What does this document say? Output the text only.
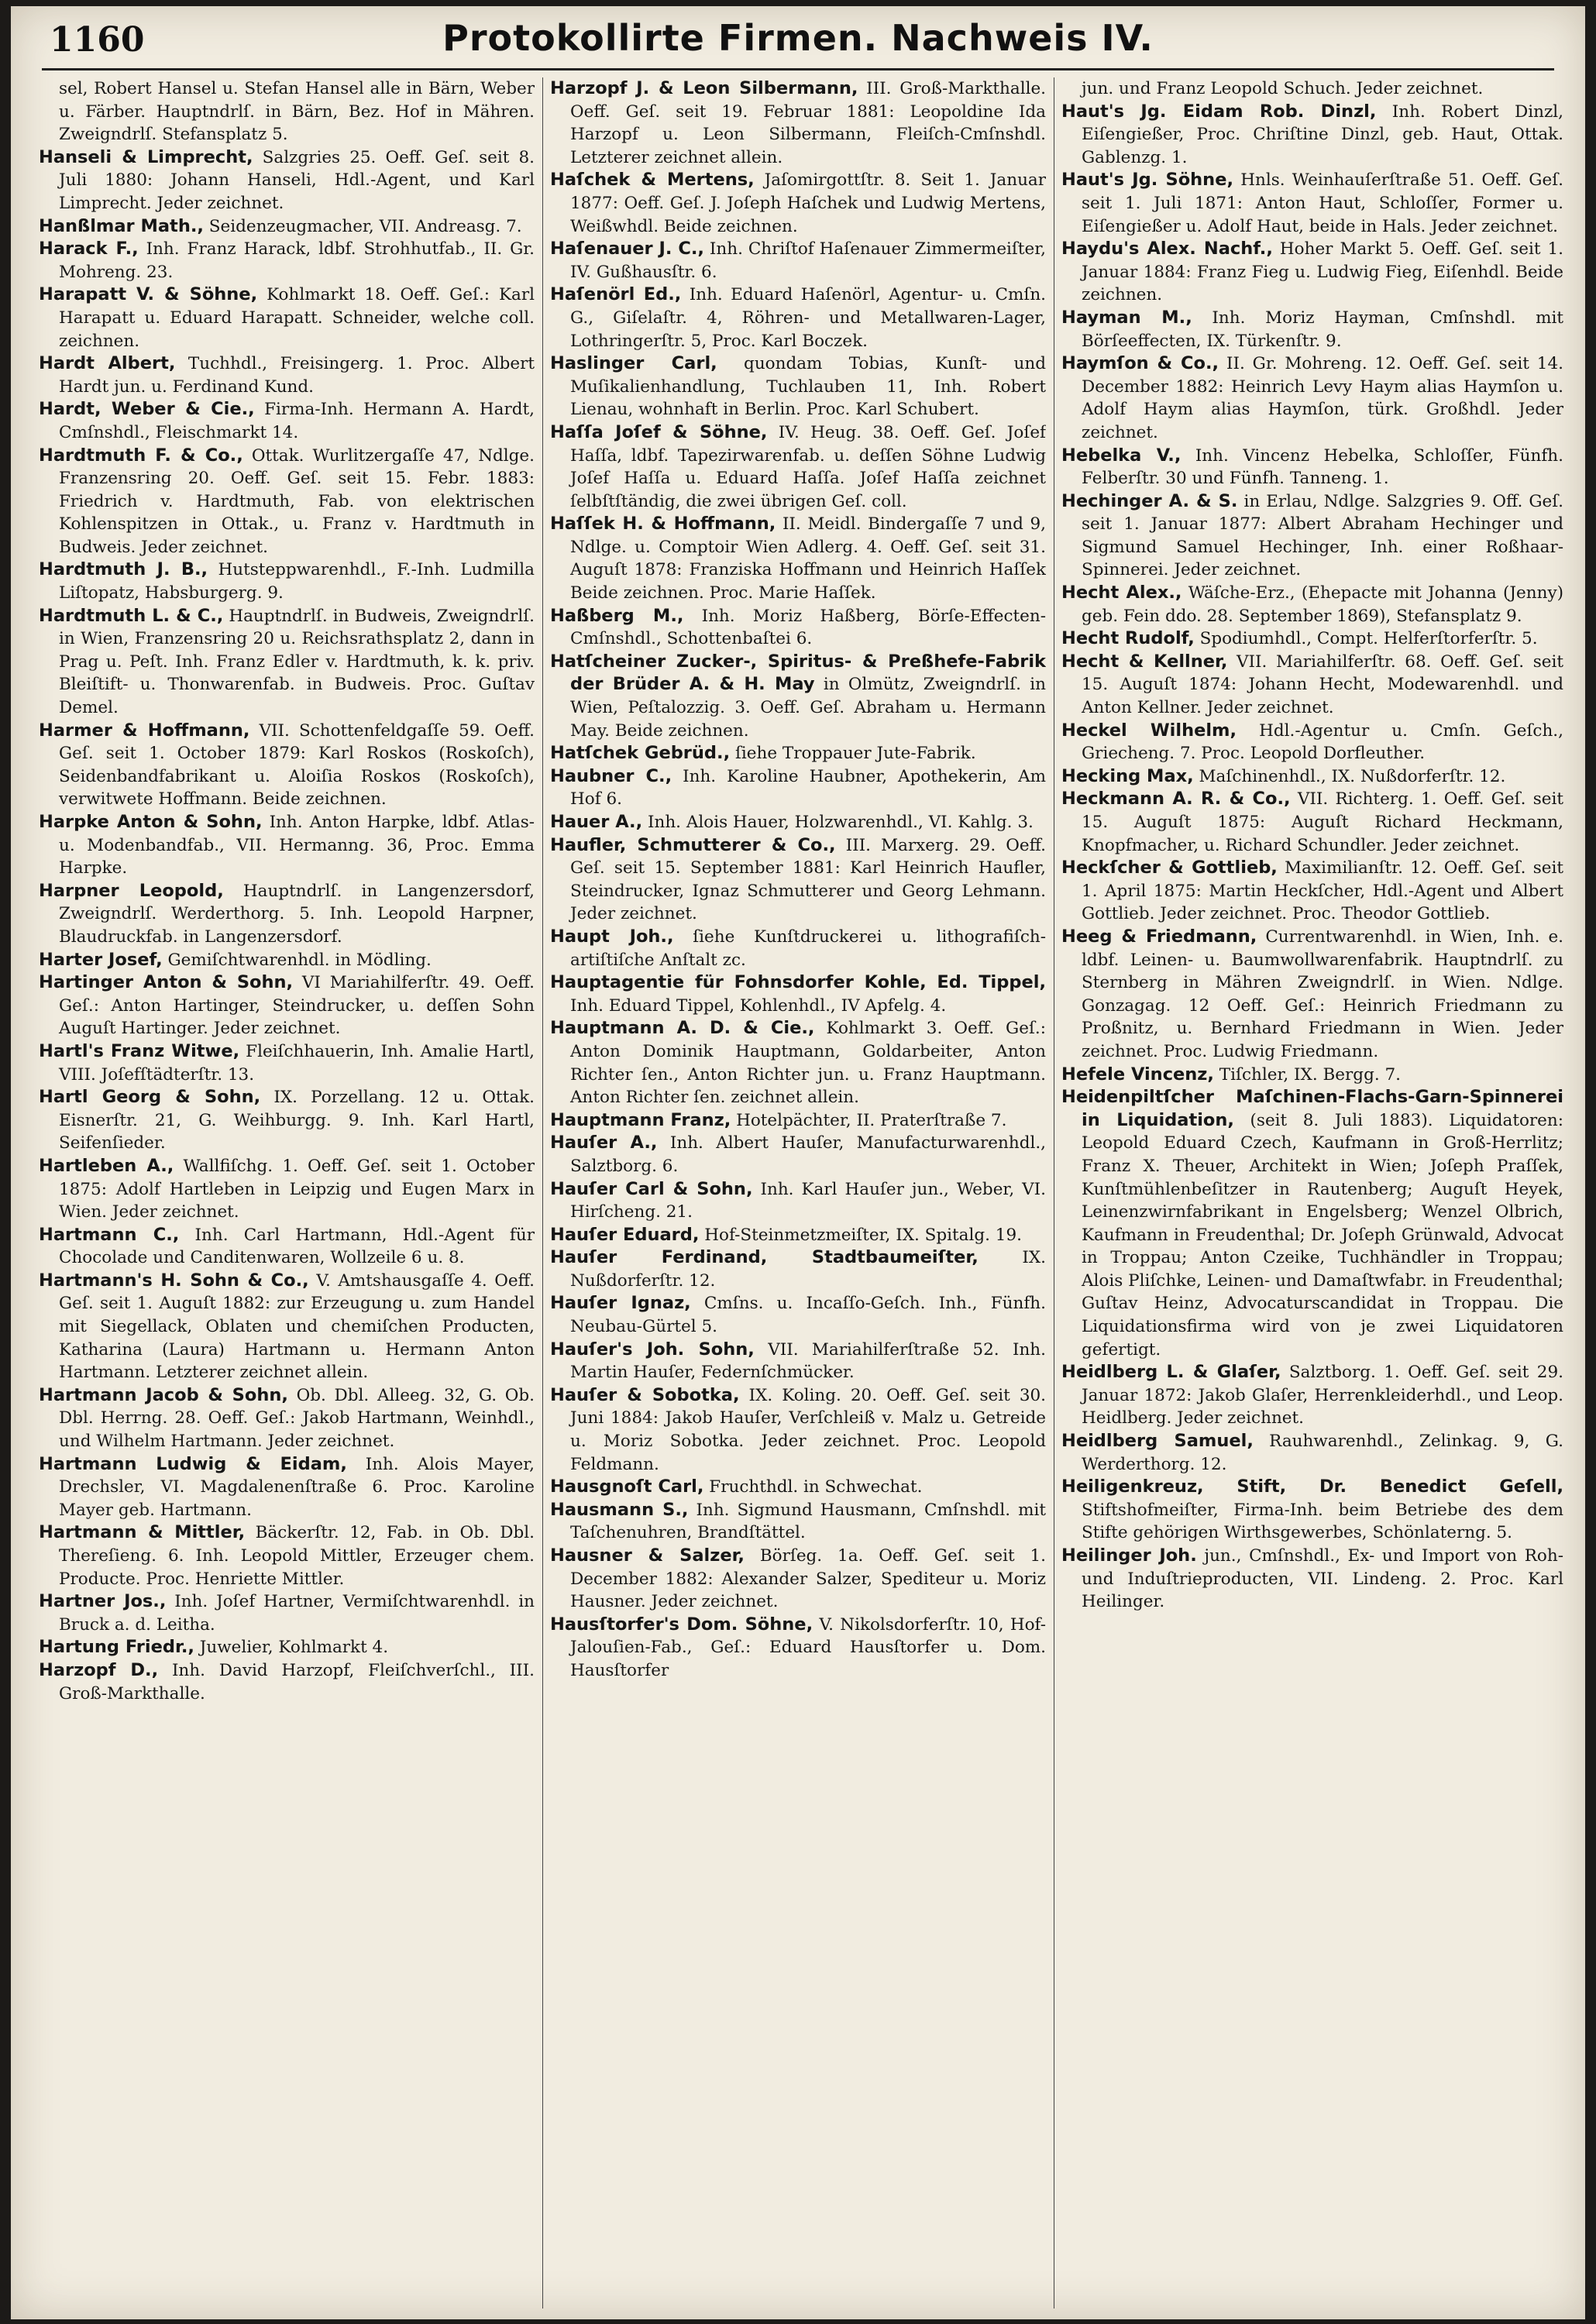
1160	Protokollirte Firmen. Nachweis IV.

sel, Robert Hansel u. Stefan Hansel alle in Bärn, Weber u. Färber. Hauptndrlſ. in Bärn, Bez. Hof in Mähren. Zweigndrlſ. Stefansplatz 5.

Hanseli & Limprecht, Salzgries 25. Oeff. Geſ. seit 8. Juli 1880: Johann Hanseli, Hdl.-Agent, und Karl Limprecht. Jeder zeichnet.

Hanßlmar Math., Seidenzeugmacher, VII. Andreasg. 7.

Harack F., Inh. Franz Harack, ldbf. Strohhutfab., II. Gr. Mohreng. 23.

Harapatt V. & Söhne, Kohlmarkt 18. Oeff. Geſ.: Karl Harapatt u. Eduard Harapatt. Schneider, welche coll. zeichnen.

Hardt Albert, Tuchhdl., Freisingerg. 1. Proc. Albert Hardt jun. u. Ferdinand Kund.

Hardt, Weber & Cie., Firma-Inh. Hermann A. Hardt, Cmſnshdl., Fleischmarkt 14.

Hardtmuth F. & Co., Ottak. Wurlitzergaſſe 47, Ndlge. Franzensring 20. Oeff. Geſ. seit 15. Febr. 1883: Friedrich v. Hardtmuth, Fab. von elektrischen Kohlenspitzen in Ottak., u. Franz v. Hardtmuth in Budweis. Jeder zeichnet.

Hardtmuth J. B., Hutsteppwarenhdl., F.-Inh. Ludmilla Liſtopatz, Habsburgerg. 9.

Hardtmuth L. & C., Hauptndrlſ. in Budweis, Zweigndrlſ. in Wien, Franzensring 20 u. Reichsrathsplatz 2, dann in Prag u. Peſt. Inh. Franz Edler v. Hardtmuth, k. k. priv. Bleiſtift- u. Thonwarenfab. in Budweis. Proc. Guſtav Demel.

Harmer & Hoffmann, VII. Schottenfeldgaſſe 59. Oeff. Geſ. seit 1. October 1879: Karl Roskos (Roskoſch), Seidenbandfabrikant u. Aloiſia Roskos (Roskoſch), verwitwete Hoffmann. Beide zeichnen.

Harpke Anton & Sohn, Inh. Anton Harpke, ldbf. Atlas- u. Modenbandfab., VII. Hermanng. 36, Proc. Emma Harpke.

Harpner Leopold, Hauptndrlſ. in Langenzersdorf, Zweigndrlſ. Werderthorg. 5. Inh. Leopold Harpner, Blaudruckfab. in Langenzersdorf.

Harter Josef, Gemiſchtwarenhdl. in Mödling.

Hartinger Anton & Sohn, VI Mariahilferſtr. 49. Oeff. Geſ.: Anton Hartinger, Steindrucker, u. deſſen Sohn Auguſt Hartinger. Jeder zeichnet.

Hartl's Franz Witwe, Fleiſchhauerin, Inh. Amalie Hartl, VIII. Joſefſtädterſtr. 13.

Hartl Georg & Sohn, IX. Porzellang. 12 u. Ottak. Eisnerſtr. 21, G. Weihburgg. 9. Inh. Karl Hartl, Seifenſieder.

Hartleben A., Wallfiſchg. 1. Oeff. Geſ. seit 1. October 1875: Adolf Hartleben in Leipzig und Eugen Marx in Wien. Jeder zeichnet.

Hartmann C., Inh. Carl Hartmann, Hdl.-Agent für Chocolade und Canditenwaren, Wollzeile 6 u. 8.

Hartmann's H. Sohn & Co., V. Amtshausgaſſe 4. Oeff. Geſ. seit 1. Auguſt 1882: zur Erzeugung u. zum Handel mit Siegellack, Oblaten und chemiſchen Producten, Katharina (Laura) Hartmann u. Hermann Anton Hartmann. Letzterer zeichnet allein.

Hartmann Jacob & Sohn, Ob. Dbl. Alleeg. 32, G. Ob. Dbl. Herrng. 28. Oeff. Geſ.: Jakob Hartmann, Weinhdl., und Wilhelm Hartmann. Jeder zeichnet.

Hartmann Ludwig & Eidam, Inh. Alois Mayer, Drechsler, VI. Magdalenenſtraße 6. Proc. Karoline Mayer geb. Hartmann.

Hartmann & Mittler, Bäckerſtr. 12, Fab. in Ob. Dbl. Thereſieng. 6. Inh. Leopold Mittler, Erzeuger chem. Producte. Proc. Henriette Mittler.

Hartner Jos., Inh. Joſef Hartner, Vermiſchtwarenhdl. in Bruck a. d. Leitha.

Hartung Friedr., Juwelier, Kohlmarkt 4.

Harzopf D., Inh. David Harzopf, Fleiſchverſchl., III. Groß-Markthalle.

Harzopf J. & Leon Silbermann, III. Groß-Markthalle. Oeff. Geſ. seit 19. Februar 1881: Leopoldine Ida Harzopf u. Leon Silbermann, Fleiſch-Cmſnshdl. Letzterer zeichnet allein.

Haſchek & Mertens, Jaſomirgottſtr. 8. Seit 1. Januar 1877: Oeff. Geſ. J. Joſeph Haſchek und Ludwig Mertens, Weißwhdl. Beide zeichnen.

Haſenauer J. C., Inh. Chriſtof Haſenauer Zimmermeiſter, IV. Gußhausſtr. 6.

Haſenörl Ed., Inh. Eduard Haſenörl, Agentur- u. Cmſn. G., Giſelaſtr. 4, Röhren- und Metallwaren-Lager, Lothringerſtr. 5, Proc. Karl Boczek.

Haslinger Carl, quondam Tobias, Kunſt- und Muſikalienhandlung, Tuchlauben 11, Inh. Robert Lienau, wohnhaft in Berlin. Proc. Karl Schubert.

Haſſa Joſef & Söhne, IV. Heug. 38. Oeff. Geſ. Joſef Haſſa, ldbf. Tapezirwarenfab. u. deſſen Söhne Ludwig Joſef Haſſa u. Eduard Haſſa. Joſef Haſſa zeichnet ſelbſtſtändig, die zwei übrigen Geſ. coll.

Haſſek H. & Hoffmann, II. Meidl. Bindergaſſe 7 und 9, Ndlge. u. Comptoir Wien Adlerg. 4. Oeff. Geſ. seit 31. Auguſt 1878: Franziska Hoffmann und Heinrich Haſſek Beide zeichnen. Proc. Marie Haſſek.

Haßberg M., Inh. Moriz Haßberg, Börſe-Effecten-Cmſnshdl., Schottenbaſtei 6.

Hatſcheiner Zucker-, Spiritus- & Preßhefe-Fabrik der Brüder A. & H. May in Olmütz, Zweigndrlſ. in Wien, Peſtalozzig. 3. Oeff. Geſ. Abraham u. Hermann May. Beide zeichnen.

Hatſchek Gebrüd., ſiehe Troppauer Jute-Fabrik.

Haubner C., Inh. Karoline Haubner, Apothekerin, Am Hof 6.

Hauer A., Inh. Alois Hauer, Holzwarenhdl., VI. Kahlg. 3.

Haufler, Schmutterer & Co., III. Marxerg. 29. Oeff. Geſ. seit 15. September 1881: Karl Heinrich Haufler, Steindrucker, Ignaz Schmutterer und Georg Lehmann. Jeder zeichnet.

Haupt Joh., ſiehe Kunſtdruckerei u. lithografiſch-artiſtiſche Anſtalt zc.

Hauptagentie für Fohnsdorfer Kohle, Ed. Tippel, Inh. Eduard Tippel, Kohlenhdl., IV Apfelg. 4.

Hauptmann A. D. & Cie., Kohlmarkt 3. Oeff. Geſ.: Anton Dominik Hauptmann, Goldarbeiter, Anton Richter ſen., Anton Richter jun. u. Franz Hauptmann. Anton Richter ſen. zeichnet allein.

Hauptmann Franz, Hotelpächter, II. Praterſtraße 7.

Hauſer A., Inh. Albert Hauſer, Manufacturwarenhdl., Salztborg. 6.

Hauſer Carl & Sohn, Inh. Karl Hauſer jun., Weber, VI. Hirſcheng. 21.

Hauſer Eduard, Hof-Steinmetzmeiſter, IX. Spitalg. 19.

Hauſer Ferdinand, Stadtbaumeiſter, IX. Nußdorferſtr. 12.

Hauſer Ignaz, Cmſns. u. Incaſſo-Geſch. Inh., Fünfh. Neubau-Gürtel 5.

Hauſer's Joh. Sohn, VII. Mariahilferſtraße 52. Inh. Martin Hauſer, Federnſchmücker.

Hauſer & Sobotka, IX. Koling. 20. Oeff. Geſ. seit 30. Juni 1884: Jakob Hauſer, Verſchleiß v. Malz u. Getreide u. Moriz Sobotka. Jeder zeichnet. Proc. Leopold Feldmann.

Hausgnoſt Carl, Fruchthdl. in Schwechat.

Hausmann S., Inh. Sigmund Hausmann, Cmſnshdl. mit Taſchenuhren, Brandſtättel.

Hausner & Salzer, Börſeg. 1a. Oeff. Geſ. seit 1. December 1882: Alexander Salzer, Spediteur u. Moriz Hausner. Jeder zeichnet.

Hausſtorfer's Dom. Söhne, V. Nikolsdorferſtr. 10, Hof-Jalouſien-Fab., Geſ.: Eduard Hausſtorfer u. Dom. Hausſtorfer

jun. und Franz Leopold Schuch. Jeder zeichnet.

Haut's Jg. Eidam Rob. Dinzl, Inh. Robert Dinzl, Eiſengießer, Proc. Chriſtine Dinzl, geb. Haut, Ottak. Gablenzg. 1.

Haut's Jg. Söhne, Hnls. Weinhauſerſtraße 51. Oeff. Geſ. seit 1. Juli 1871: Anton Haut, Schloſſer, Former u. Eiſengießer u. Adolf Haut, beide in Hals. Jeder zeichnet.

Haydu's Alex. Nachf., Hoher Markt 5. Oeff. Geſ. seit 1. Januar 1884: Franz Fieg u. Ludwig Fieg, Eiſenhdl. Beide zeichnen.

Hayman M., Inh. Moriz Hayman, Cmſnshdl. mit Börſeeffecten, IX. Türkenſtr. 9.

Haymſon & Co., II. Gr. Mohreng. 12. Oeff. Geſ. seit 14. December 1882: Heinrich Levy Haym alias Haymſon u. Adolf Haym alias Haymſon, türk. Großhdl. Jeder zeichnet.

Hebelka V., Inh. Vincenz Hebelka, Schloſſer, Fünfh. Felberſtr. 30 und Fünfh. Tanneng. 1.

Hechinger A. & S. in Erlau, Ndlge. Salzgries 9. Off. Geſ. seit 1. Januar 1877: Albert Abraham Hechinger und Sigmund Samuel Hechinger, Inh. einer Roßhaar-Spinnerei. Jeder zeichnet.

Hecht Alex., Wäſche-Erz., (Ehepacte mit Johanna (Jenny) geb. Fein ddo. 28. September 1869), Stefansplatz 9.

Hecht Rudolf, Spodiumhdl., Compt. Helferſtorferſtr. 5.

Hecht & Kellner, VII. Mariahilferſtr. 68. Oeff. Geſ. seit 15. Auguſt 1874: Johann Hecht, Modewarenhdl. und Anton Kellner. Jeder zeichnet.

Heckel Wilhelm, Hdl.-Agentur u. Cmſn. Geſch., Griecheng. 7. Proc. Leopold Dorfleuther.

Hecking Max, Maſchinenhdl., IX. Nußdorferſtr. 12.

Heckmann A. R. & Co., VII. Richterg. 1. Oeff. Geſ. seit 15. Auguſt 1875: Auguſt Richard Heckmann, Knopfmacher, u. Richard Schundler. Jeder zeichnet.

Heckſcher & Gottlieb, Maximilianſtr. 12. Oeff. Geſ. seit 1. April 1875: Martin Heckſcher, Hdl.-Agent und Albert Gottlieb. Jeder zeichnet. Proc. Theodor Gottlieb.

Heeg & Friedmann, Currentwarenhdl. in Wien, Inh. e. ldbf. Leinen- u. Baumwollwarenfabrik. Hauptndrlſ. zu Sternberg in Mähren Zweigndrlſ. in Wien. Ndlge. Gonzagag. 12 Oeff. Geſ.: Heinrich Friedmann zu Proßnitz, u. Bernhard Friedmann in Wien. Jeder zeichnet. Proc. Ludwig Friedmann.

Hefele Vincenz, Tiſchler, IX. Bergg. 7.

Heidenpiltſcher Maſchinen-Flachs-Garn-Spinnerei in Liquidation, (seit 8. Juli 1883). Liquidatoren: Leopold Eduard Czech, Kaufmann in Groß-Herrlitz; Franz X. Theuer, Architekt in Wien; Joſeph Praſſek, Kunſtmühlenbeſitzer in Rautenberg; Auguſt Heyek, Leinenzwirnfabrikant in Engelsberg; Wenzel Olbrich, Kaufmann in Freudenthal; Dr. Joſeph Grünwald, Advocat in Troppau; Anton Czeike, Tuchhändler in Troppau; Alois Pliſchke, Leinen- und Damaſtwfabr. in Freudenthal; Guſtav Heinz, Advocaturscandidat in Troppau. Die Liquidationsfirma wird von je zwei Liquidatoren gefertigt.

Heidlberg L. & Glaſer, Salztborg. 1. Oeff. Geſ. seit 29. Januar 1872: Jakob Glaſer, Herrenkleiderhdl., und Leop. Heidlberg. Jeder zeichnet.

Heidlberg Samuel, Rauhwarenhdl., Zelinkag. 9, G. Werderthorg. 12.

Heiligenkreuz, Stift, Dr. Benedict Geſell, Stiftshofmeiſter, Firma-Inh. beim Betriebe des dem Stifte gehörigen Wirthsgewerbes, Schönlaterng. 5.

Heilinger Joh. jun., Cmſnshdl., Ex- und Import von Roh- und Induſtrieproducten, VII. Lindeng. 2. Proc. Karl Heilinger.
